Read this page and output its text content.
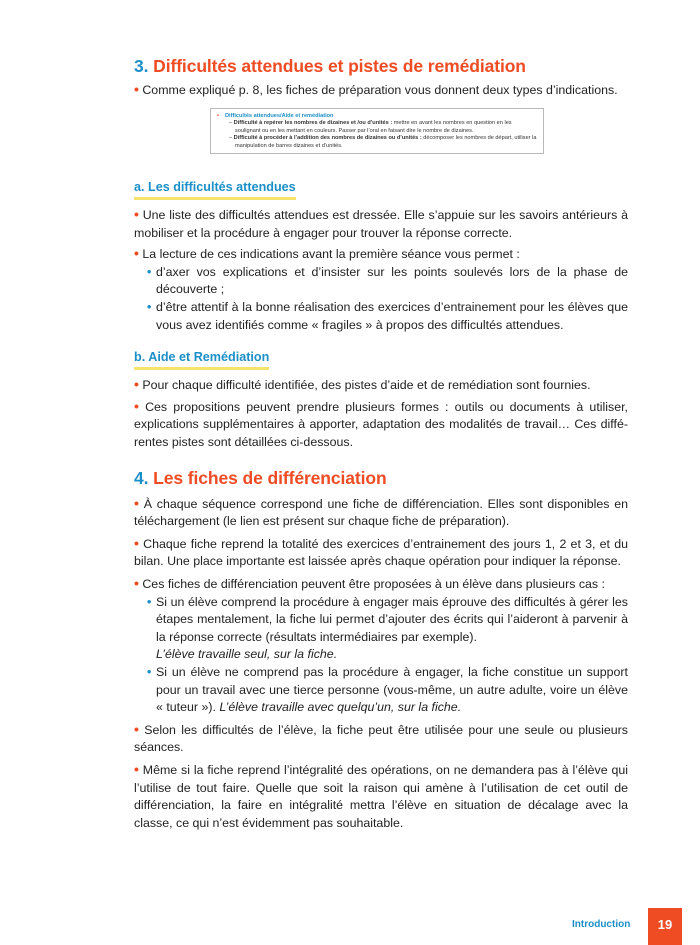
3. Difficultés attendues et pistes de remédiation

• Comme expliqué p. 8, les fiches de préparation vous donnent deux types d’indications.

• Difficultés attendues/Aide et remédiation

– Difficulté à repérer les nombres de dizaines et /ou d’unités : mettre en avant les nombres en question en les soulignant ou en les mettant en couleurs. Passer par l’oral en faisant dire le nombre de dizaines.

– Difficulté à procéder à l’addition des nombres de dizaines ou d’unités : décomposer les nombres de départ, utiliser la manipulation de barres dizaines et d’unités.

a. Les difficultés attendues

• Une liste des difficultés attendues est dressée. Elle s’appuie sur les savoirs antérieurs à mobiliser et la procédure à engager pour trouver la réponse correcte.

• La lecture de ces indications avant la première séance vous permet :

• d’axer vos explications et d’insister sur les points soulevés lors de la phase de découverte ;

• d’être attentif à la bonne réalisation des exercices d’entrainement pour les élèves que vous avez identifiés comme « fragiles » à propos des difficultés attendues.

b. Aide et Remédiation

• Pour chaque difficulté identifiée, des pistes d’aide et de remédiation sont fournies.

• Ces propositions peuvent prendre plusieurs formes : outils ou documents à utiliser, explications supplémentaires à apporter, adaptation des modalités de travail… Ces diffé-rentes pistes sont détaillées ci-dessous.

4. Les fiches de différenciation

• À chaque séquence correspond une fiche de différenciation. Elles sont disponibles en téléchargement (le lien est présent sur chaque fiche de préparation).

• Chaque fiche reprend la totalité des exercices d’entrainement des jours 1, 2 et 3, et du bilan. Une place importante est laissée après chaque opération pour indiquer la réponse.

• Ces fiches de différenciation peuvent être proposées à un élève dans plusieurs cas :

• Si un élève comprend la procédure à engager mais éprouve des difficultés à gérer les étapes mentalement, la fiche lui permet d’ajouter des écrits qui l’aideront à parvenir à la réponse correcte (résultats intermédiaires par exemple).
L’élève travaille seul, sur la fiche.

• Si un élève ne comprend pas la procédure à engager, la fiche constitue un support pour un travail avec une tierce personne (vous-même, un autre adulte, voire un élève « tuteur »). L’élève travaille avec quelqu’un, sur la fiche.

• Selon les difficultés de l’élève, la fiche peut être utilisée pour une seule ou plusieurs séances.

• Même si la fiche reprend l’intégralité des opérations, on ne demandera pas à l’élève qui l’utilise de tout faire. Quelle que soit la raison qui amène à l’utilisation de cet outil de différenciation, la faire en intégralité mettra l’élève en situation de décalage avec la classe, ce qui n’est évidemment pas souhaitable.

Introduction	19
